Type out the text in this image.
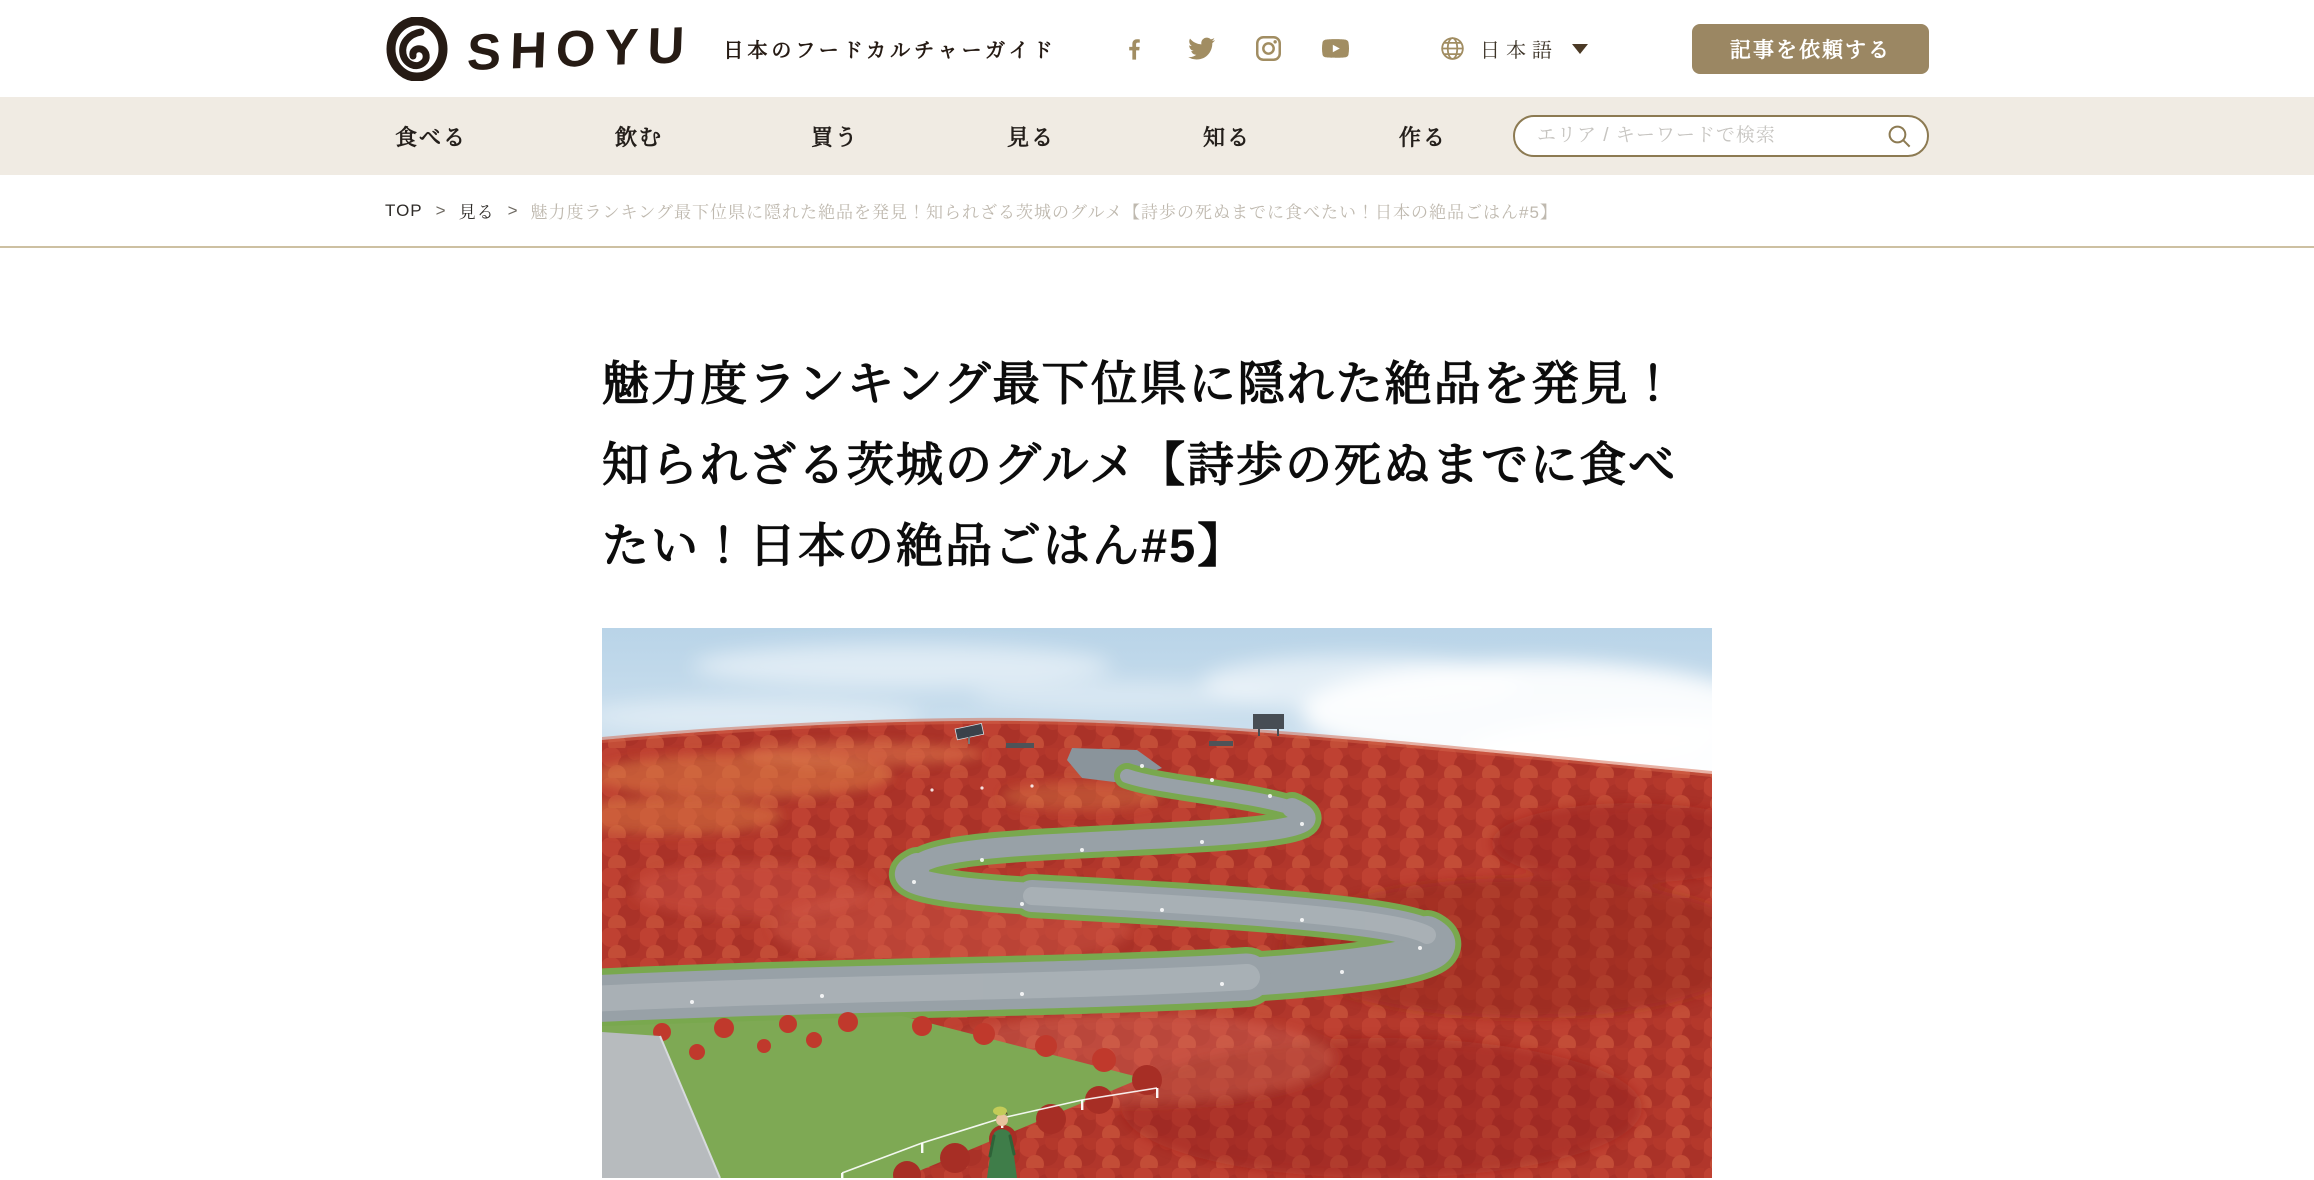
SHOYU 日本のフードカルチャーガイド	日本語	記事を依頼する
食べる	飲む	買う	見る	知る	作る
エリア / キーワードで検索
TOP > 見る > 魅力度ランキング最下位県に隠れた絶品を発見！知られざる茨城のグルメ【詩歩の死ぬまでに食べたい！日本の絶品ごはん#5】
魅力度ランキング最下位県に隠れた絶品を発見！知られざる茨城のグルメ【詩歩の死ぬまでに食べたい！日本の絶品ごはん#5】
